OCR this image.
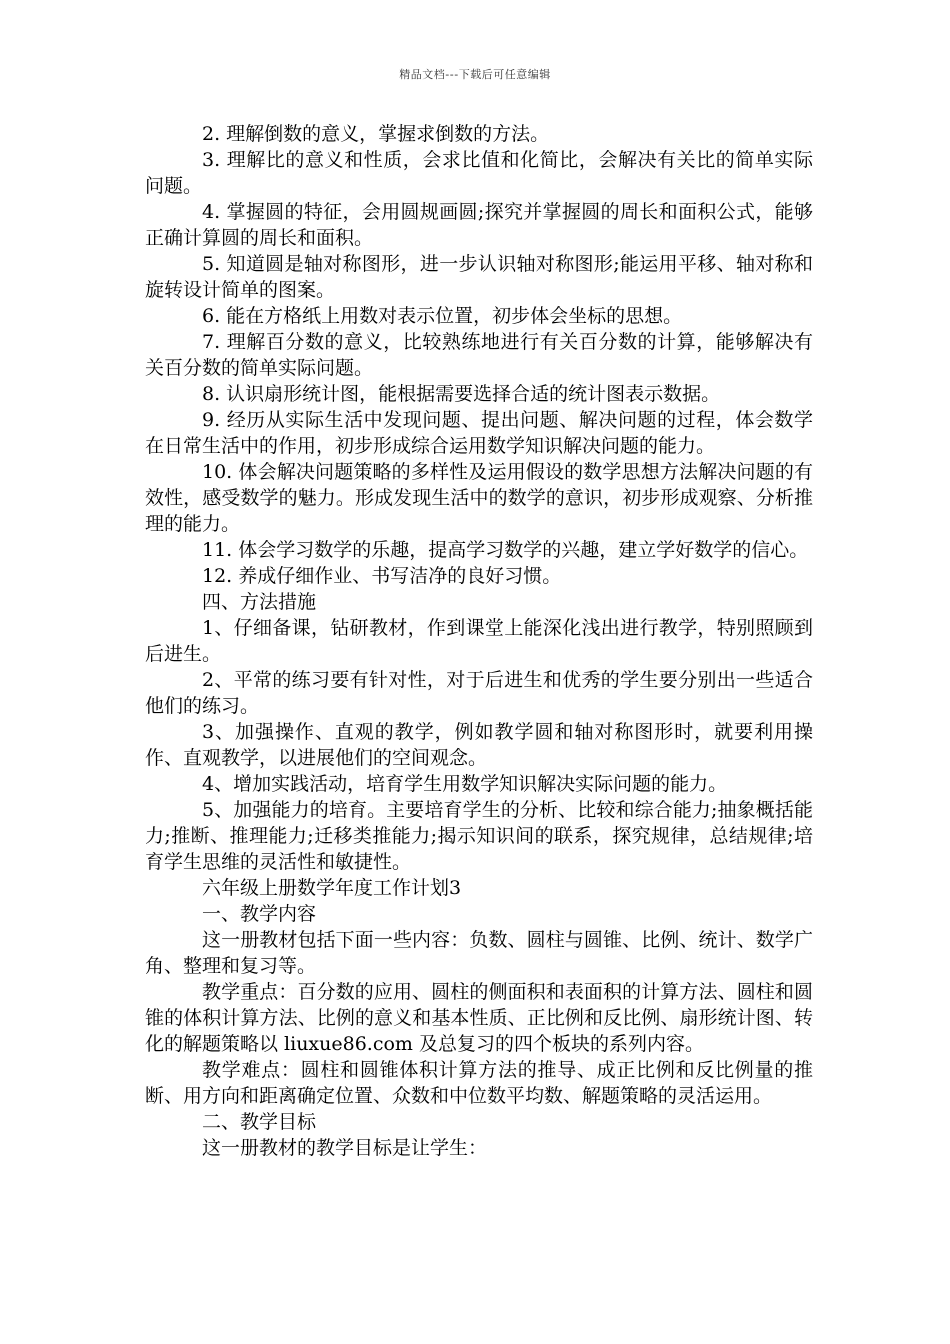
精品文档---下载后可任意编辑

2. 理解倒数的意义，掌握求倒数的方法。

3. 理解比的意义和性质，会求比值和化简比，会解决有关比的简单实际问题。

4. 掌握圆的特征，会用圆规画圆;探究并掌握圆的周长和面积公式，能够正确计算圆的周长和面积。

5. 知道圆是轴对称图形，进一步认识轴对称图形;能运用平移、轴对称和旋转设计简单的图案。

6. 能在方格纸上用数对表示位置，初步体会坐标的思想。

7. 理解百分数的意义，比较熟练地进行有关百分数的计算，能够解决有关百分数的简单实际问题。

8. 认识扇形统计图，能根据需要选择合适的统计图表示数据。

9. 经历从实际生活中发现问题、提出问题、解决问题的过程，体会数学在日常生活中的作用，初步形成综合运用数学知识解决问题的能力。

10. 体会解决问题策略的多样性及运用假设的数学思想方法解决问题的有效性，感受数学的魅力。形成发现生活中的数学的意识，初步形成观察、分析推理的能力。

11. 体会学习数学的乐趣，提高学习数学的兴趣，建立学好数学的信心。

12. 养成仔细作业、书写洁净的良好习惯。

四、方法措施

1、仔细备课，钻研教材，作到课堂上能深化浅出进行教学，特别照顾到后进生。

2、平常的练习要有针对性，对于后进生和优秀的学生要分别出一些适合他们的练习。

3、加强操作、直观的教学，例如教学圆和轴对称图形时，就要利用操作、直观教学，以进展他们的空间观念。

4、增加实践活动，培育学生用数学知识解决实际问题的能力。

5、加强能力的培育。主要培育学生的分析、比较和综合能力;抽象概括能力;推断、推理能力;迁移类推能力;揭示知识间的联系，探究规律，总结规律;培育学生思维的灵活性和敏捷性。

六年级上册数学年度工作计划3

一、教学内容

这一册教材包括下面一些内容：负数、圆柱与圆锥、比例、统计、数学广角、整理和复习等。

教学重点：百分数的应用、圆柱的侧面积和表面积的计算方法、圆柱和圆锥的体积计算方法、比例的意义和基本性质、正比例和反比例、扇形统计图、转化的解题策略以 liuxue86.com 及总复习的四个板块的系列内容。

教学难点：圆柱和圆锥体积计算方法的推导、成正比例和反比例量的推断、用方向和距离确定位置、众数和中位数平均数、解题策略的灵活运用。

二、教学目标

这一册教材的教学目标是让学生：
